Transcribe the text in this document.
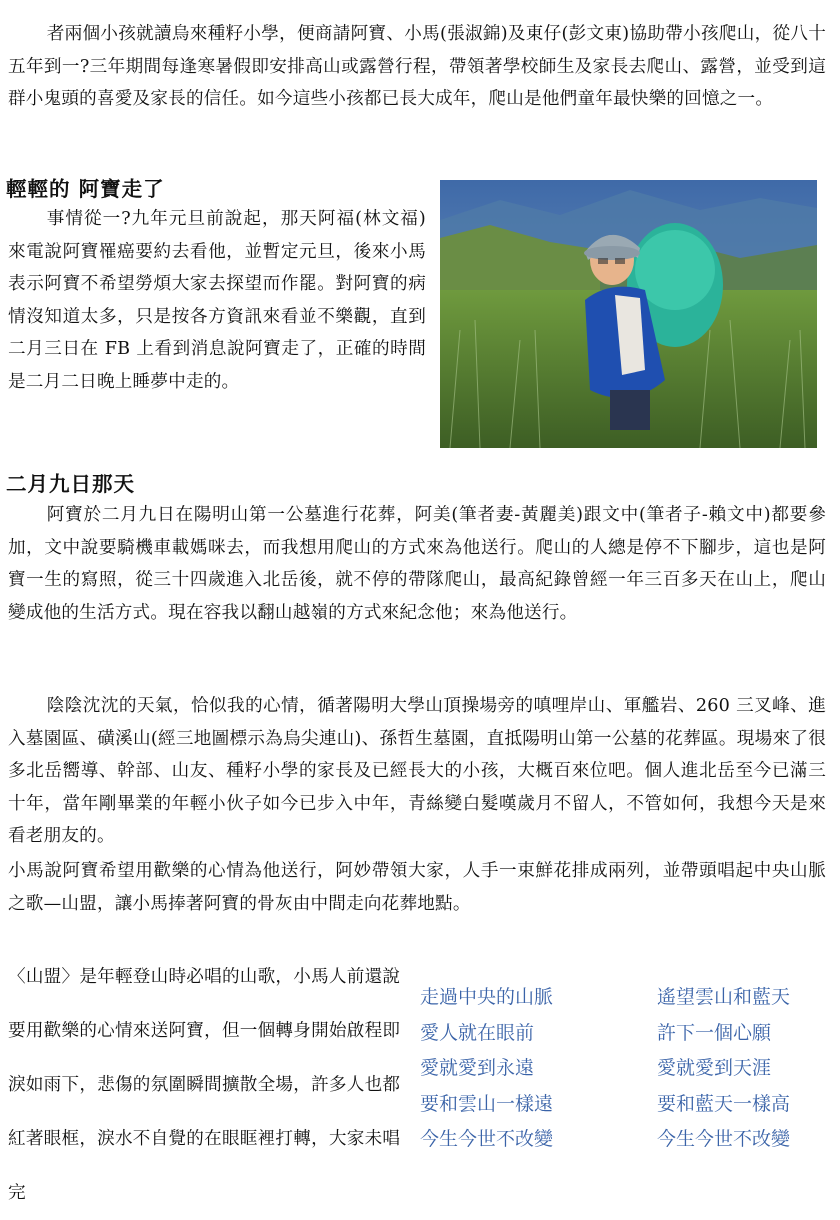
者兩個小孩就讀烏來種籽小學，便商請阿寶、小馬(張淑錦)及東仔(彭文東)協助帶小孩爬山，從八十五年到一?三年期間每逢寒暑假即安排高山或露營行程，帶領著學校師生及家長去爬山、露營，並受到這群小鬼頭的喜愛及家長的信任。如今這些小孩都已長大成年，爬山是他們童年最快樂的回憶之一。

輕輕的 阿寶走了

事情從一?九年元旦前說起，那天阿福(林文福)來電說阿寶罹癌要約去看他，並暫定元旦，後來小馬表示阿寶不希望勞煩大家去探望而作罷。對阿寶的病情沒知道太多，只是按各方資訊來看並不樂觀，直到二月三日在 FB 上看到消息說阿寶走了，正確的時間是二月二日晚上睡夢中走的。

二月九日那天

阿寶於二月九日在陽明山第一公墓進行花葬，阿美(筆者妻-黃麗美)跟文中(筆者子-賴文中)都要參加，文中說要騎機車載媽咪去，而我想用爬山的方式來為他送行。爬山的人總是停不下腳步，這也是阿寶一生的寫照，從三十四歲進入北岳後，就不停的帶隊爬山，最高紀錄曾經一年三百多天在山上，爬山變成他的生活方式。現在容我以翻山越嶺的方式來紀念他；來為他送行。

陰陰沈沈的天氣，恰似我的心情，循著陽明大學山頂操場旁的嗔哩岸山、軍艦岩、260 三叉峰、進入墓園區、磺溪山(經三地圖標示為烏尖連山)、孫哲生墓園，直抵陽明山第一公墓的花葬區。現場來了很多北岳嚮導、幹部、山友、種籽小學的家長及已經長大的小孩，大概百來位吧。個人進北岳至今已滿三十年，當年剛畢業的年輕小伙子如今已步入中年，青絲變白髮嘆歲月不留人，不管如何，我想今天是來看老朋友的。

小馬說阿寶希望用歡樂的心情為他送行，阿妙帶領大家，人手一束鮮花排成兩列，並帶頭唱起中央山脈之歌—山盟，讓小馬捧著阿寶的骨灰由中間走向花葬地點。

〈山盟〉是年輕登山時必唱的山歌，小馬人前還說要用歡樂的心情來送阿寶，但一個轉身開始啟程即淚如雨下，悲傷的氛圍瞬間擴散全場，許多人也都紅著眼框，淚水不自覺的在眼眶裡打轉，大家未唱完

走過中央的山脈
愛人就在眼前
愛就愛到永遠
要和雲山一樣遠
今生今世不改變
遙望雲山和藍天
許下一個心願
愛就愛到天涯
要和藍天一樣高
今生今世不改變
